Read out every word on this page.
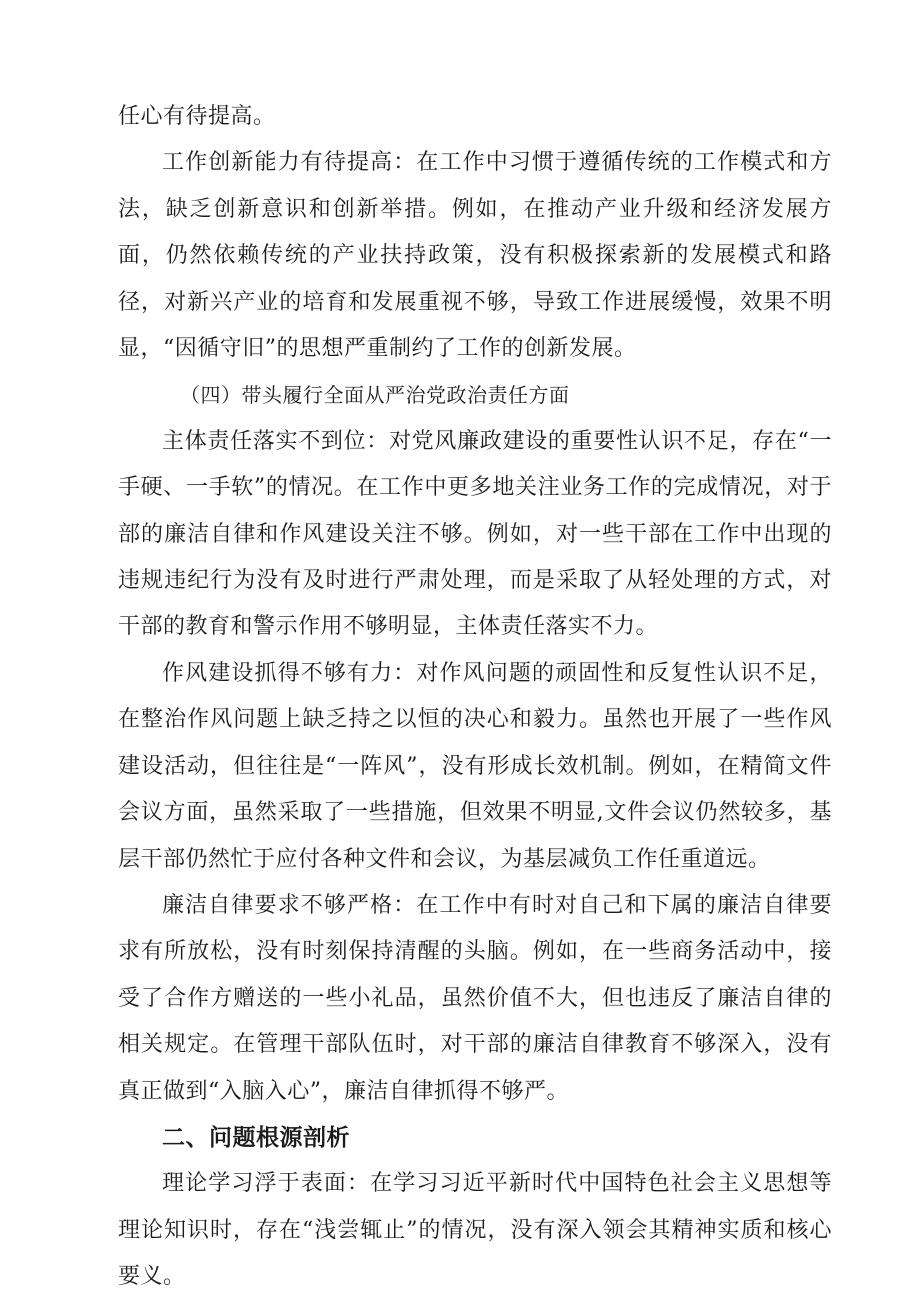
任心有待提高。

工作创新能力有待提高：在工作中习惯于遵循传统的工作模式和方法，缺乏创新意识和创新举措。例如，在推动产业升级和经济发展方面，仍然依赖传统的产业扶持政策，没有积极探索新的发展模式和路径，对新兴产业的培育和发展重视不够，导致工作进展缓慢，效果不明显，“因循守旧”的思想严重制约了工作的创新发展。

（四）带头履行全面从严治党政治责任方面

主体责任落实不到位：对党风廉政建设的重要性认识不足，存在“一手硬、一手软”的情况。在工作中更多地关注业务工作的完成情况，对于部的廉洁自律和作风建设关注不够。例如，对一些干部在工作中出现的违规违纪行为没有及时进行严肃处理，而是采取了从轻处理的方式，对干部的教育和警示作用不够明显，主体责任落实不力。

作风建设抓得不够有力：对作风问题的顽固性和反复性认识不足，在整治作风问题上缺乏持之以恒的决心和毅力。虽然也开展了一些作风建设活动，但往往是“一阵风”，没有形成长效机制。例如，在精简文件会议方面，虽然采取了一些措施，但效果不明显,文件会议仍然较多，基层干部仍然忙于应付各种文件和会议，为基层减负工作任重道远。

廉洁自律要求不够严格：在工作中有时对自己和下属的廉洁自律要求有所放松，没有时刻保持清醒的头脑。例如，在一些商务活动中，接受了合作方赠送的一些小礼品，虽然价值不大，但也违反了廉洁自律的相关规定。在管理干部队伍时，对干部的廉洁自律教育不够深入，没有真正做到“入脑入心”，廉洁自律抓得不够严。

二、问题根源剖析

理论学习浮于表面：在学习习近平新时代中国特色社会主义思想等理论知识时，存在“浅尝辄止”的情况，没有深入领会其精神实质和核心要义。
